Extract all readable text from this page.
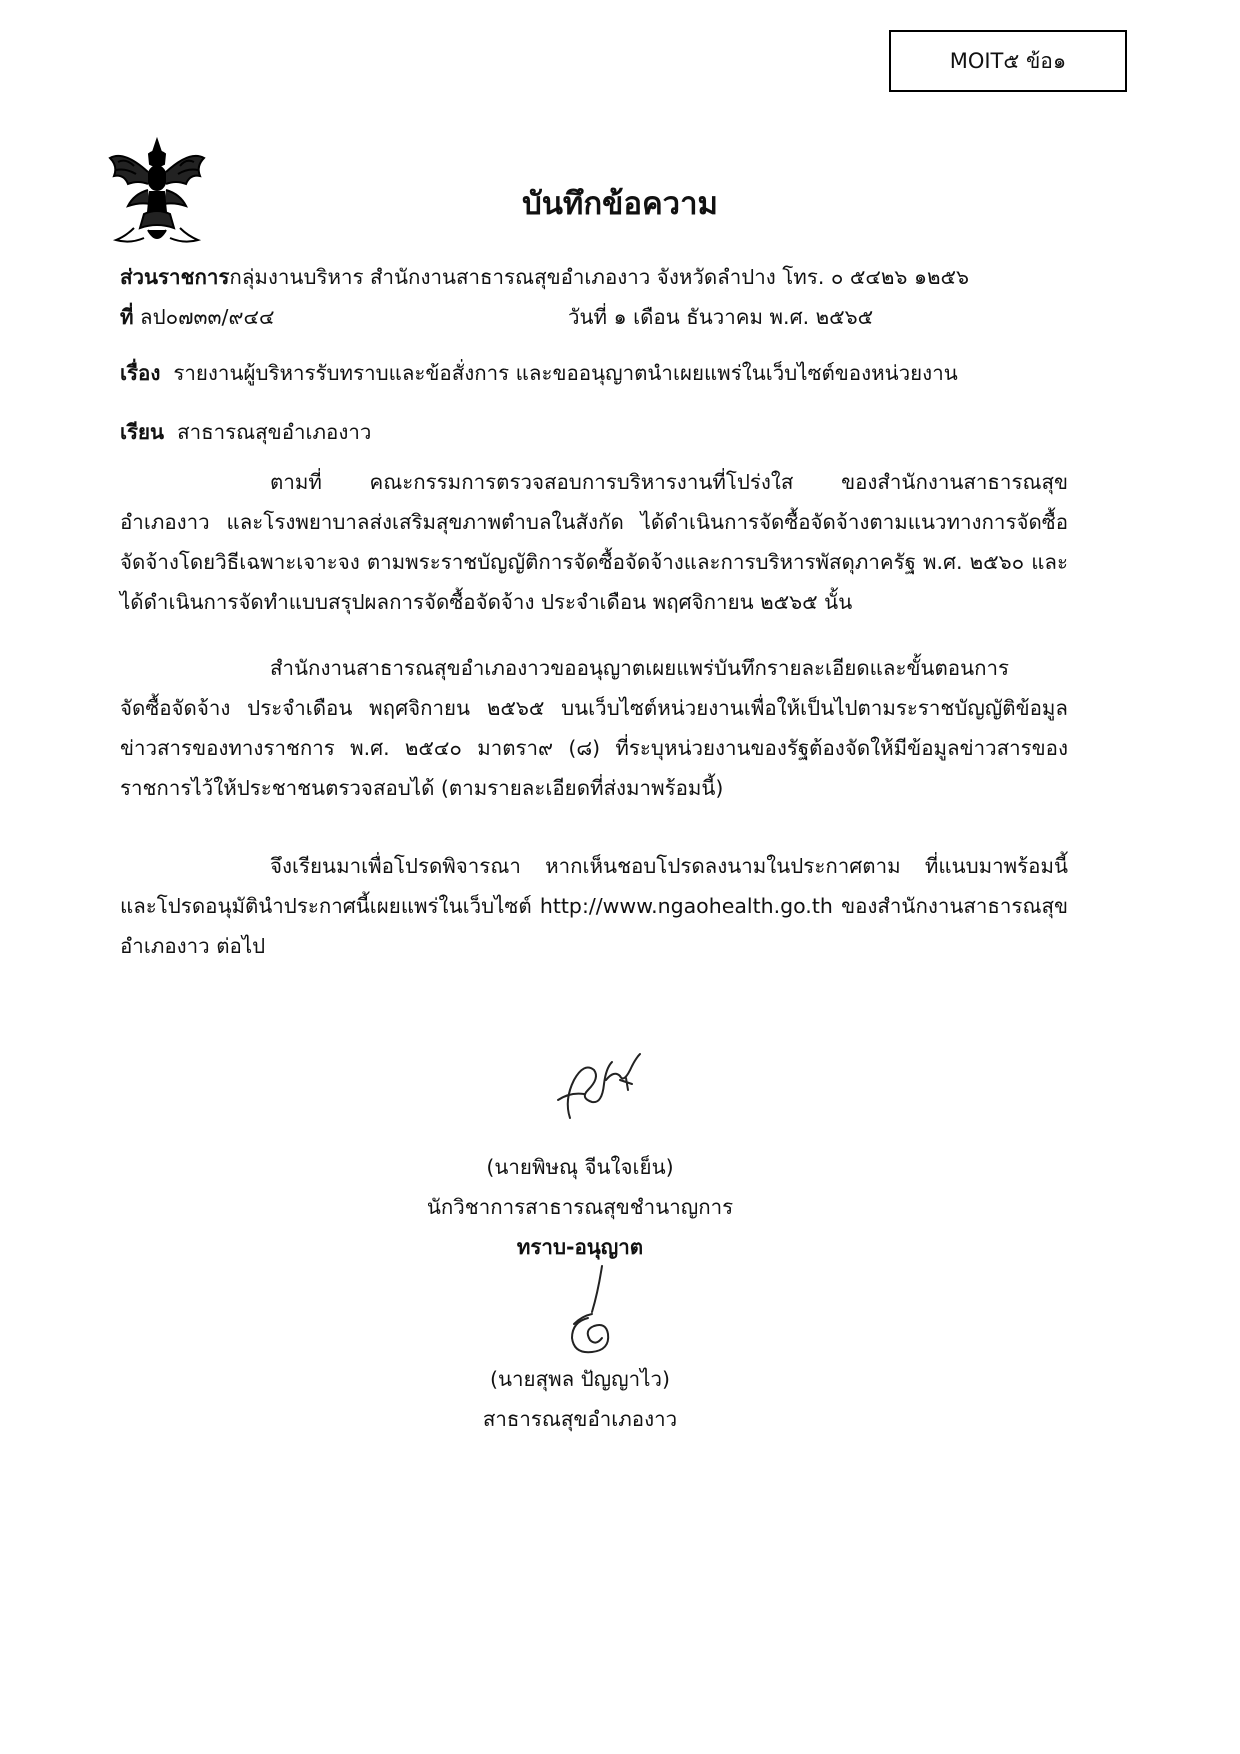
MOIT๕ ข้อ๑
บันทึกข้อความ
ส่วนราชการกลุ่มงานบริหาร สำนักงานสาธารณสุขอำเภองาว จังหวัดลำปาง โทร. ๐ ๕๔๒๖ ๑๒๕๖
ที่ ลป๐๗๓๓/๙๔๔	วันที่ ๑ เดือน ธันวาคม พ.ศ. ๒๕๖๕
เรื่อง รายงานผู้บริหารรับทราบและข้อสั่งการ และขออนุญาตนำเผยแพร่ในเว็บไซต์ของหน่วยงาน
เรียน สาธารณสุขอำเภองาว
ตามที่ คณะกรรมการตรวจสอบการบริหารงานที่โปร่งใส ของสำนักงานสาธารณสุข
อำเภองาว และโรงพยาบาลส่งเสริมสุขภาพตำบลในสังกัด ได้ดำเนินการจัดซื้อจัดจ้างตามแนวทางการจัดซื้อ
จัดจ้างโดยวิธีเฉพาะเจาะจง ตามพระราชบัญญัติการจัดซื้อจัดจ้างและการบริหารพัสดุภาครัฐ พ.ศ. ๒๕๖๐ และ
ได้ดำเนินการจัดทำแบบสรุปผลการจัดซื้อจัดจ้าง ประจำเดือน พฤศจิกายน ๒๕๖๕ นั้น
สำนักงานสาธารณสุขอำเภองาวขออนุญาตเผยแพร่บันทึกรายละเอียดและขั้นตอนการ
จัดซื้อจัดจ้าง ประจำเดือน พฤศจิกายน ๒๕๖๕ บนเว็บไซต์หน่วยงานเพื่อให้เป็นไปตามระราชบัญญัติข้อมูล
ข่าวสารของทางราชการ พ.ศ. ๒๕๔๐ มาตรา๙ (๘) ที่ระบุหน่วยงานของรัฐต้องจัดให้มีข้อมูลข่าวสารของ
ราชการไว้ให้ประชาชนตรวจสอบได้ (ตามรายละเอียดที่ส่งมาพร้อมนี้)
จึงเรียนมาเพื่อโปรดพิจารณา หากเห็นชอบโปรดลงนามในประกาศตาม ที่แนบมาพร้อมนี้
และโปรดอนุมัตินำประกาศนี้เผยแพร่ในเว็บไซต์ http://www.ngaohealth.go.th ของสำนักงานสาธารณสุข
อำเภองาว ต่อไป
(นายพิษณุ จีนใจเย็น)
นักวิชาการสาธารณสุขชำนาญการ
ทราบ-อนุญาต
(นายสุพล ปัญญาไว)
สาธารณสุขอำเภองาว
